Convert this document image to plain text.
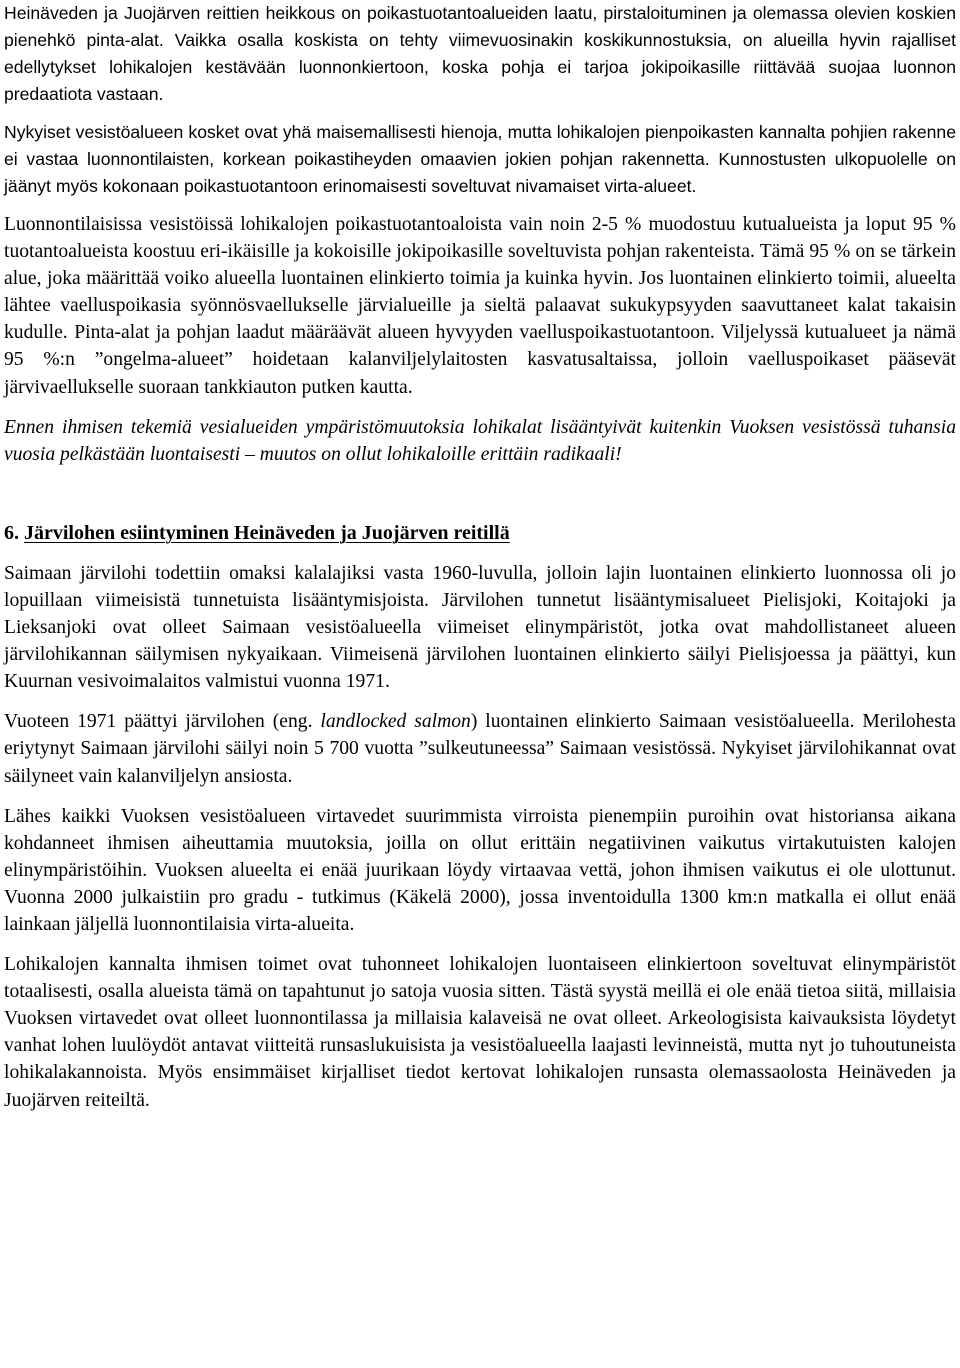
Heinäveden ja Juojärven reittien heikkous on poikastuotantoalueiden laatu, pirstaloituminen ja olemassa olevien koskien pienehkö pinta-alat. Vaikka osalla koskista on tehty viimevuosinakin koskikunnostuksia, on alueilla hyvin rajalliset edellytykset lohikalojen kestävään luonnonkiertoon, koska pohja ei tarjoa jokipoikasille riittävää suojaa luonnon predaatiota vastaan.

Nykyiset vesistöalueen kosket ovat yhä maisemallisesti hienoja, mutta lohikalojen pienpoikasten kannalta pohjien rakenne ei vastaa luonnontilaisten, korkean poikastiheyden omaavien jokien pohjan rakennetta. Kunnostusten ulkopuolelle on jäänyt myös kokonaan poikastuotantoon erinomaisesti soveltuvat nivamaiset virta-alueet.

Luonnontilaisissa vesistöissä lohikalojen poikastuotantoaloista vain noin 2-5 % muodostuu kutualueista ja loput 95 % tuotantoalueista koostuu eri-ikäisille ja kokoisille jokipoikasille soveltuvista pohjan rakenteista. Tämä 95 % on se tärkein alue, joka määrittää voiko alueella luontainen elinkierto toimia ja kuinka hyvin. Jos luontainen elinkierto toimii, alueelta lähtee vaelluspoikasia syönnösvaellukselle järvialueille ja sieltä palaavat sukukypsyyden saavuttaneet kalat takaisin kudulle. Pinta-alat ja pohjan laadut määräävät alueen hyvyyden vaelluspoikastuotantoon. Viljelyssä kutualueet ja nämä 95 %:n ”ongelma-alueet” hoidetaan kalanviljelylaitosten kasvatusaltaissa, jolloin vaelluspoikaset pääsevät järvivaellukselle suoraan tankkiauton putken kautta.

Ennen ihmisen tekemiä vesialueiden ympäristömuutoksia lohikalat lisääntyivät kuitenkin Vuoksen vesistössä tuhansia vuosia pelkästään luontaisesti – muutos on ollut lohikaloille erittäin radikaali!

6. Järvilohen esiintyminen Heinäveden ja Juojärven reitillä

Saimaan järvilohi todettiin omaksi kalalajiksi vasta 1960-luvulla, jolloin lajin luontainen elinkierto luonnossa oli jo lopuillaan viimeisistä tunnetuista lisääntymisjoista. Järvilohen tunnetut lisääntymisalueet Pielisjoki, Koitajoki ja Lieksanjoki ovat olleet Saimaan vesistöalueella viimeiset elinympäristöt, jotka ovat mahdollistaneet alueen järvilohikannan säilymisen nykyaikaan. Viimeisenä järvilohen luontainen elinkierto säilyi Pielisjoessa ja päättyi, kun Kuurnan vesivoimalaitos valmistui vuonna 1971.

Vuoteen 1971 päättyi järvilohen (eng. landlocked salmon) luontainen elinkierto Saimaan vesistöalueella. Merilohesta eriytynyt Saimaan järvilohi säilyi noin 5 700 vuotta ”sulkeutuneessa” Saimaan vesistössä. Nykyiset järvilohikannat ovat säilyneet vain kalanviljelyn ansiosta.

Lähes kaikki Vuoksen vesistöalueen virtavedet suurimmista virroista pienempiin puroihin ovat historiansa aikana kohdanneet ihmisen aiheuttamia muutoksia, joilla on ollut erittäin negatiivinen vaikutus virtakutuisten kalojen elinympäristöihin. Vuoksen alueelta ei enää juurikaan löydy virtaavaa vettä, johon ihmisen vaikutus ei ole ulottunut. Vuonna 2000 julkaistiin pro gradu - tutkimus (Käkelä 2000), jossa inventoidulla 1300 km:n matkalla ei ollut enää lainkaan jäljellä luonnontilaisia virta-alueita.

Lohikalojen kannalta ihmisen toimet ovat tuhonneet lohikalojen luontaiseen elinkiertoon soveltuvat elinympäristöt totaalisesti, osalla alueista tämä on tapahtunut jo satoja vuosia sitten. Tästä syystä meillä ei ole enää tietoa siitä, millaisia Vuoksen virtavedet ovat olleet luonnontilassa ja millaisia kalaveisä ne ovat olleet. Arkeologisista kaivauksista löydetyt vanhat lohen luulöydöt antavat viitteitä runsaslukuisista ja vesistöalueella laajasti levinneistä, mutta nyt jo tuhoutuneista lohikalakannoista. Myös ensimmäiset kirjalliset tiedot kertovat lohikalojen runsasta olemassaolosta Heinäveden ja Juojärven reiteiltä.
